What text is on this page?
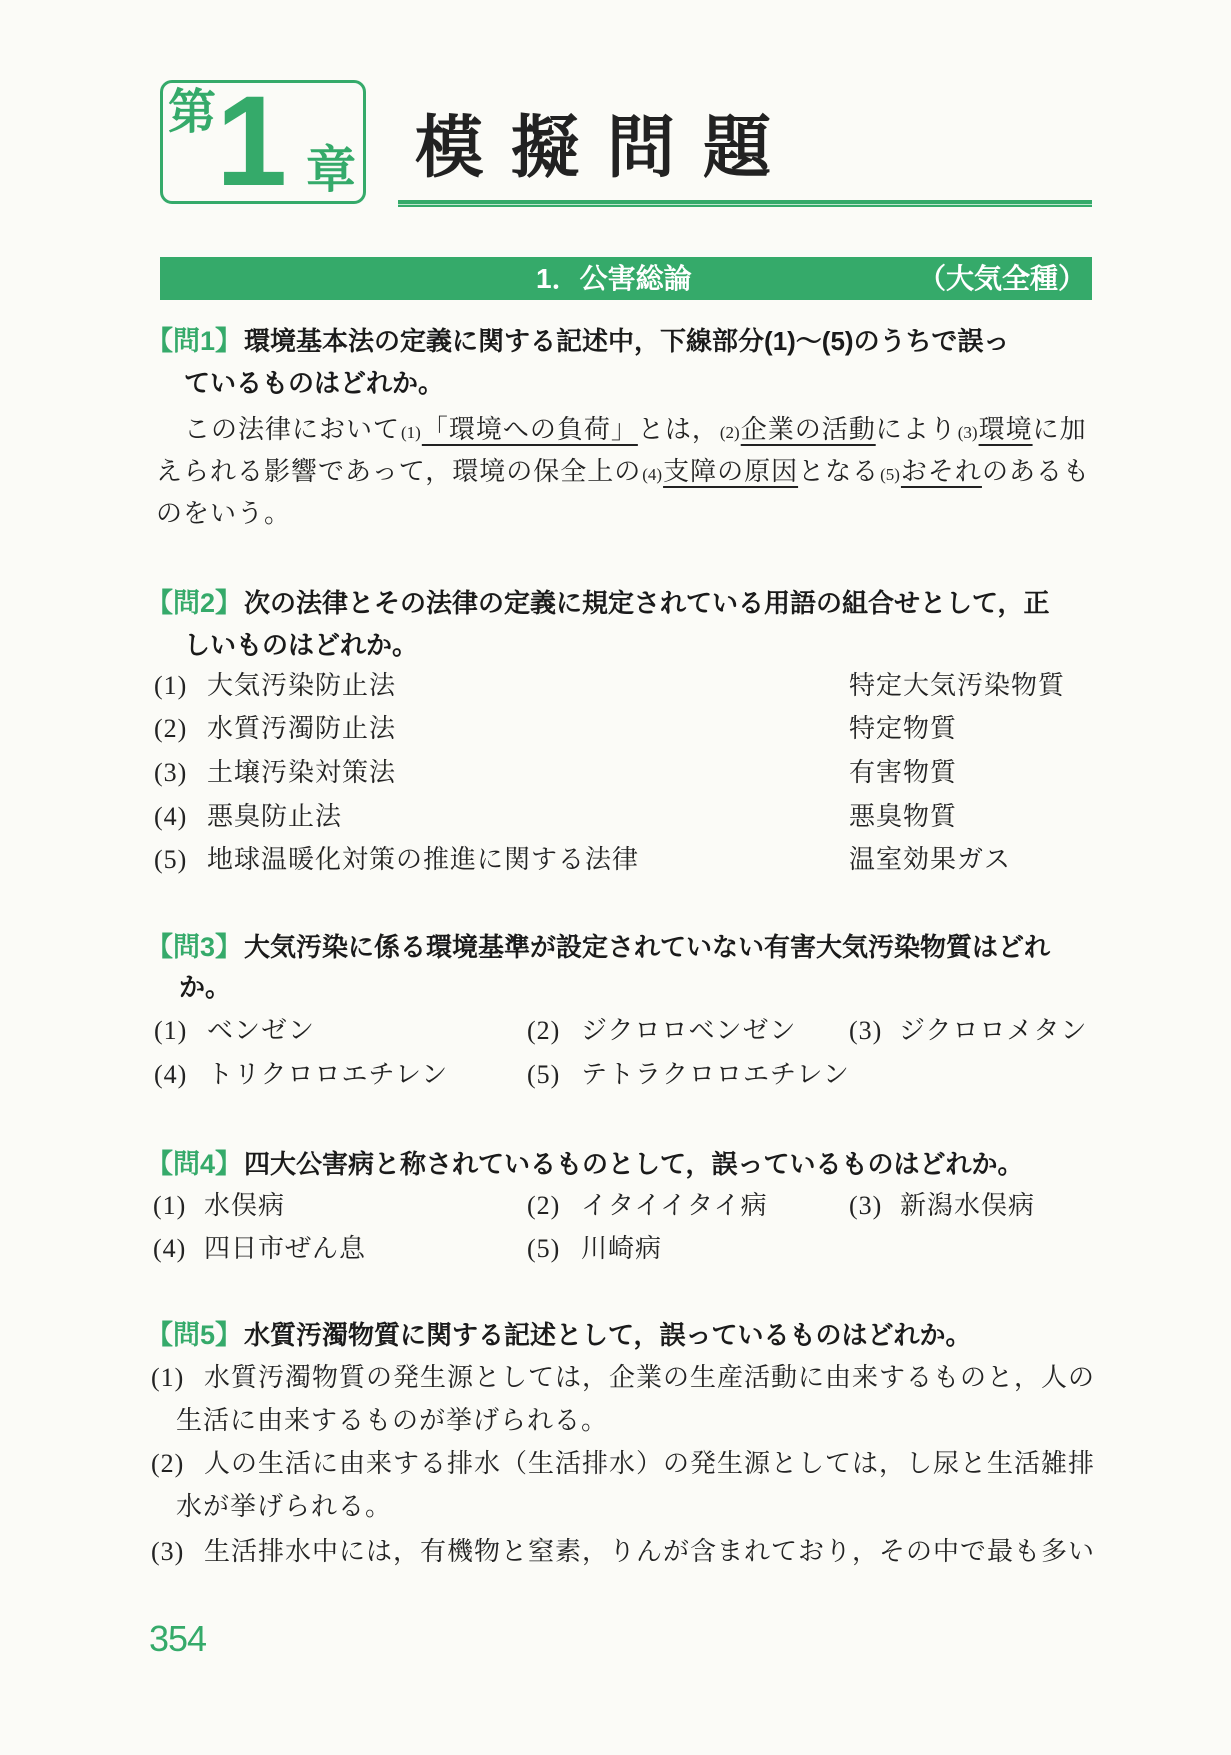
第 1 章 模擬問題
1．公害総論	（大気全種）
【問1】 環境基本法の定義に関する記述中，下線部分(1)～(5)のうちで誤っ
ているものはどれか。
この法律において (1) 「環境への負荷」 とは， (2) 企業の活動 により (3) 環境 に加
えられる影響であって，環境の保全上の (4) 支障の原因 となる (5) おそれ のあるも
のをいう。
【問2】 次の法律とその法律の定義に規定されている用語の組合せとして，正
しいものはどれか。
(1) 大気汚染防止法	特定大気汚染物質
(2) 水質汚濁防止法	特定物質
(3) 土壌汚染対策法	有害物質
(4) 悪臭防止法	悪臭物質
(5) 地球温暖化対策の推進に関する法律	温室効果ガス
【問3】 大気汚染に係る環境基準が設定されていない有害大気汚染物質はどれ
か。
(1) ベンゼン	(2) ジクロロベンゼン (3) ジクロロメタン
(4) トリクロロエチレン	(5) テトラクロロエチレン
【問4】 四大公害病と称されているものとして，誤っているものはどれか。
(1) 水俣病	(2) イタイイタイ病	(3) 新潟水俣病
(4) 四日市ぜん息	(5) 川崎病
【問5】 水質汚濁物質に関する記述として，誤っているものはどれか。
(1) 水質汚濁物質の発生源としては，企業の生産活動に由来するものと，人の
生活に由来するものが挙げられる。
(2) 人の生活に由来する排水（生活排水）の発生源としては，し尿と生活雑排
水が挙げられる。
(3) 生活排水中には，有機物と窒素，りんが含まれており，その中で最も多い
354
